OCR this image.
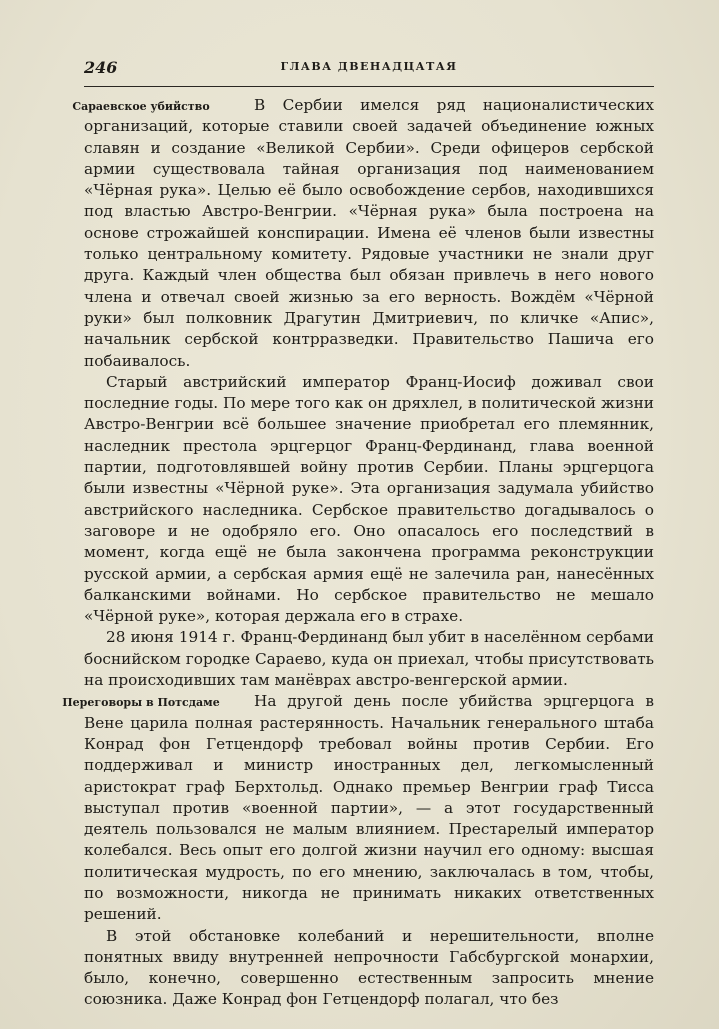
246	ГЛАВА ДВЕНАДЦАТАЯ

Сараевское убийство	В Сербии имелся ряд националистических организаций, которые ставили своей задачей объединение южных славян и создание «Великой Сербии». Среди офицеров сербской армии существовала тайная организация под наименованием «Чёрная рука». Целью её было освобождение сербов, находившихся под властью Австро-Венгрии. «Чёрная рука» была построена на основе строжайшей конспирации. Имена её членов были известны только центральному комитету. Рядовые участники не знали друг друга. Каждый член общества был обязан привлечь в него нового члена и отвечал своей жизнью за его верность. Вождём «Чёрной руки» был полковник Драгутин Дмитриевич, по кличке «Апис», начальник сербской контрразведки. Правительство Пашича его побаивалось.

Старый австрийский император Франц-Иосиф доживал свои последние годы. По мере того как он дряхлел, в политической жизни Австро-Венгрии всё большее значение приобретал его племянник, наследник престола эрцгерцог Франц-Фердинанд, глава военной партии, подготовлявшей войну против Сербии. Планы эрцгерцога были известны «Чёрной руке». Эта организация задумала убийство австрийского наследника. Сербское правительство догадывалось о заговоре и не одобряло его. Оно опасалось его последствий в момент, когда ещё не была закончена программа реконструкции русской армии, а сербская армия ещё не залечила ран, нанесённых балканскими войнами. Но сербское правительство не мешало «Чёрной руке», которая держала его в страхе.

28 июня 1914 г. Франц-Фердинанд был убит в населённом сербами боснийском городке Сараево, куда он приехал, чтобы присутствовать на происходивших там манёврах австро-венгерской армии.

Переговоры в Потсдаме На другой день после убийства эрцгерцога в Вене царила полная растерянность. Начальник генерального штаба Конрад фон Гетцендорф требовал войны против Сербии. Его поддерживал и министр иностранных дел, легкомысленный аристократ граф Берхтольд. Однако премьер Венгрии граф Тисса выступал против «военной партии», — а этот государственный деятель пользовался не малым влиянием. Престарелый император колебался. Весь опыт его долгой жизни научил его одному: высшая политическая мудрость, по его мнению, заключалась в том, чтобы, по возможности, никогда не принимать никаких ответственных решений.

В этой обстановке колебаний и нерешительности, вполне понятных ввиду внутренней непрочности Габсбургской монархии, было, конечно, совершенно естественным запросить мнение союзника. Даже Конрад фон Гетцендорф полагал, что без
